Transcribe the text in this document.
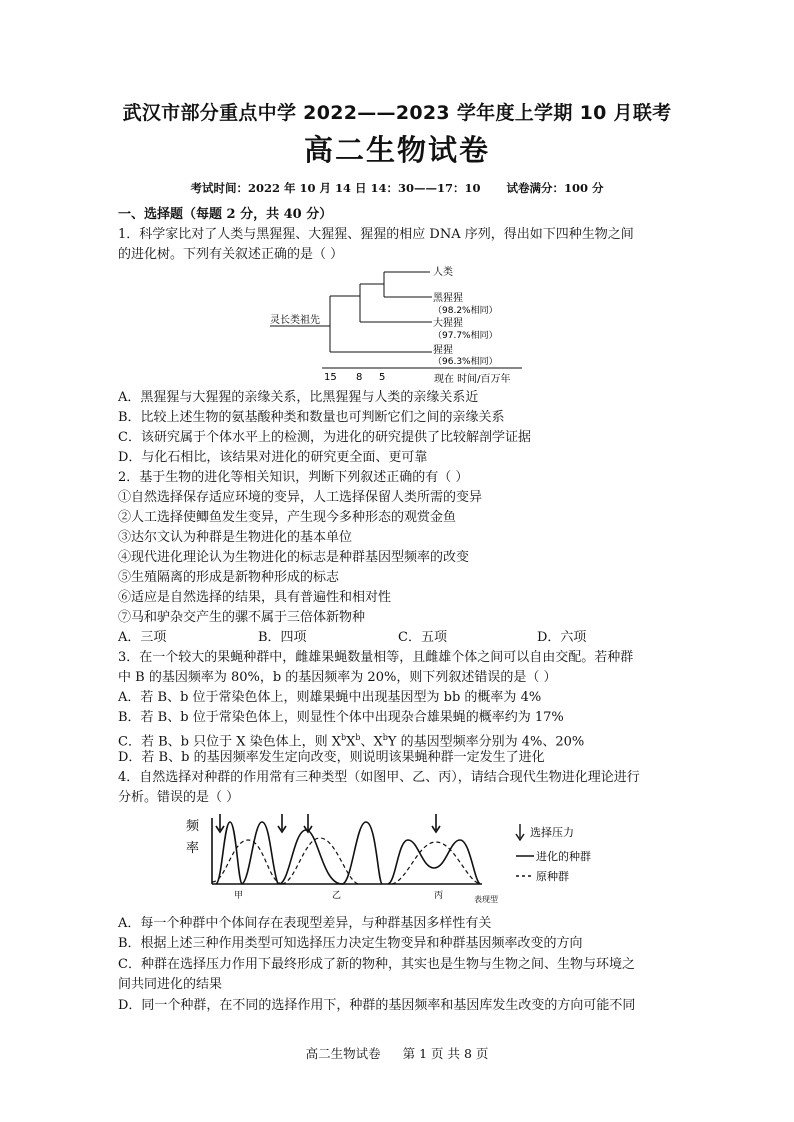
武汉市部分重点中学 2022——2023 学年度上学期 10 月联考
高二生物试卷
考试时间：2022 年 10 月 14 日 14：30——17：10 试卷满分：100 分
一、选择题（每题 2 分，共 40 分）
1．科学家比对了人类与黑猩猩、大猩猩、猩猩的相应 DNA 序列，得出如下四种生物之间
的进化树。下列有关叙述正确的是（ ）
灵长类祖先
人类
黑猩猩
（98.2%相同）
大猩猩
（97.7%相同）
猩猩
（96.3%相同）
15 8 5	现在 时间/百万年
A．黑猩猩与大猩猩的亲缘关系，比黑猩猩与人类的亲缘关系近
B．比较上述生物的氨基酸种类和数量也可判断它们之间的亲缘关系
C．该研究属于个体水平上的检测，为进化的研究提供了比较解剖学证据
D．与化石相比，该结果对进化的研究更全面、更可靠
2．基于生物的进化等相关知识，判断下列叙述正确的有（ ）
①自然选择保存适应环境的变异，人工选择保留人类所需的变异
②人工选择使鲫鱼发生变异，产生现今多种形态的观赏金鱼
③达尔文认为种群是生物进化的基本单位
④现代进化理论认为生物进化的标志是种群基因型频率的改变
⑤生殖隔离的形成是新物种形成的标志
⑥适应是自然选择的结果，具有普遍性和相对性
⑦马和驴杂交产生的骡不属于三倍体新物种
A．三项	B．四项	C．五项	D．六项
3．在一个较大的果蝇种群中，雌雄果蝇数量相等，且雌雄个体之间可以自由交配。若种群
中 B 的基因频率为 80%，b 的基因频率为 20%，则下列叙述错误的是（ ）
A．若 B、b 位于常染色体上，则雄果蝇中出现基因型为 bb 的概率为 4%
B．若 B、b 位于常染色体上，则显性个体中出现杂合雄果蝇的概率约为 17%
C．若 B、b 只位于 X 染色体上，则 $X^bX^b$、$X^bY$ 的基因型频率分别为 4%、20%
D．若 B、b 的基因频率发生定向改变，则说明该果蝇种群一定发生了进化
4．自然选择对种群的作用常有三种类型（如图甲、乙、丙），请结合现代生物进化理论进行
分析。错误的是（ ）
频
率
甲	乙	丙	表现型
选择压力
进化的种群
原种群
A．每一个种群中个体间存在表现型差异，与种群基因多样性有关
B．根据上述三种作用类型可知选择压力决定生物变异和种群基因频率改变的方向
C．种群在选择压力作用下最终形成了新的物种，其实也是生物与生物之间、生物与环境之
间共同进化的结果
D．同一个种群，在不同的选择作用下，种群的基因频率和基因库发生改变的方向可能不同
高二生物试卷 第 1 页 共 8 页
